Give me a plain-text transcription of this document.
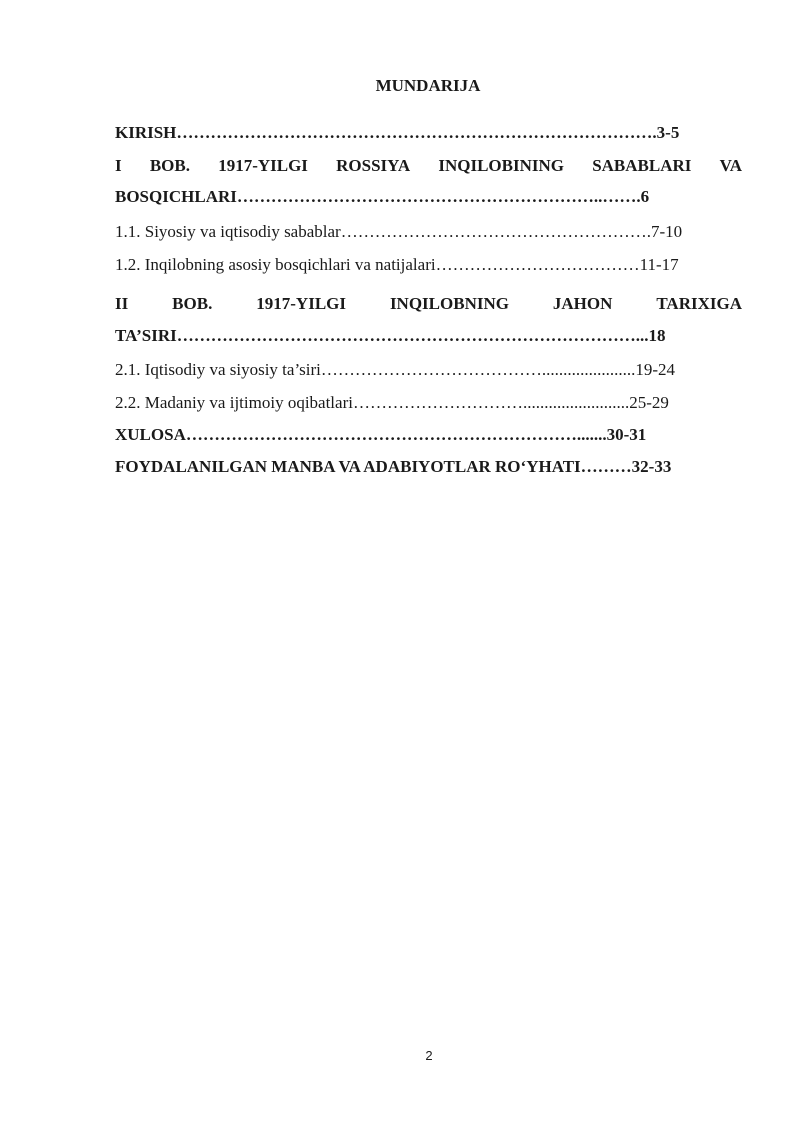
MUNDARIJA
KIRISH………………………………………………………………………….3-5
I BOB. 1917-YILGI ROSSIYA INQILOBINING SABABLARI VA
BOSQICHLARI………………………………………………………..…….6
1.1. Siyosiy va iqtisodiy sabablar……………………………………………….7-10
1.2. Inqilobning asosiy bosqichlari va natijalari………………………………11-17
II	BOB.	1917-YILGI	INQILOBNING	JAHON	TARIXIGA
TA’SIRI………………………………………………………………………...18
2.1. Iqtisodiy va siyosiy ta’siri…………………………………......................19-24
2.2. Madaniy va ijtimoiy oqibatlari………………………….........................25-29
XULOSA…………………………………………………………….......30-31
FOYDALANILGAN MANBA VA ADABIYOTLAR RO‘YHATI………32-33
2
